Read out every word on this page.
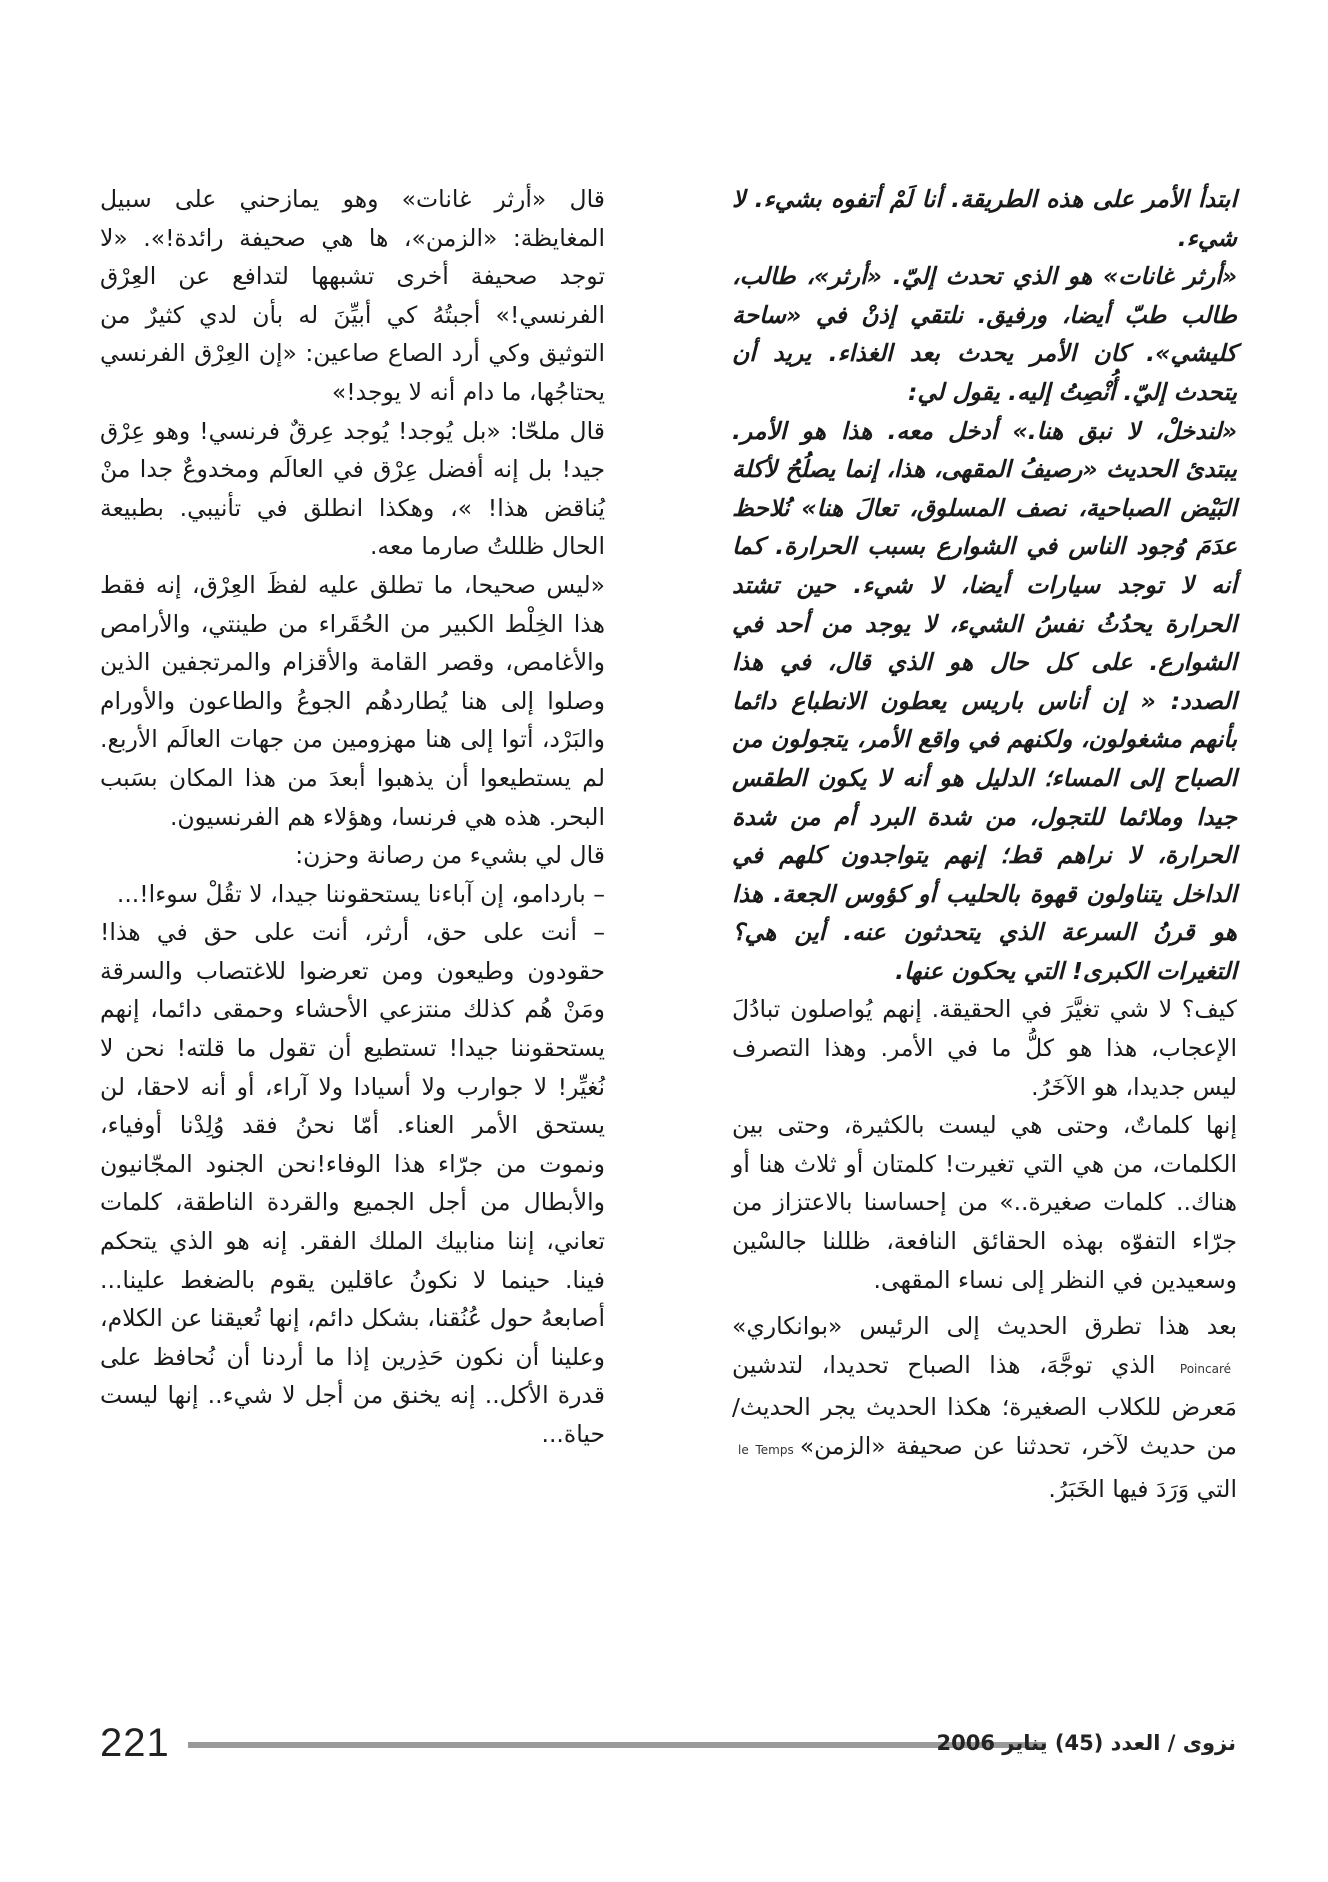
ابتدأ الأمر على هذه الطريقة. أنا لَمْ أتفوه بشيء. لا شيء.

«أرثر غانات» هو الذي تحدث إليّ. «أرثر»، طالب، طالب طبّ أيضا، ورفيق. نلتقي إذنْ في «ساحة كليشي». كان الأمر يحدث بعد الغذاء. يريد أن يتحدث إليّ. أُنْصِتُ إليه. يقول لي:

«لندخلْ، لا نبق هنا.» أدخل معه. هذا هو الأمر. يبتدئ الحديث «رصيفُ المقهى، هذا، إنما يصلُحُ لأكلة البَيْض الصباحية، نصف المسلوق، تعالَ هنا» نُلاحظ عدَمَ وُجود الناس في الشوارع بسبب الحرارة. كما أنه لا توجد سيارات أيضا، لا شيء. حين تشتد الحرارة يحدُثُ نفسُ الشيء، لا يوجد من أحد في الشوارع. على كل حال هو الذي قال، في هذا الصدد: « إن أناس باريس يعطون الانطباع دائما بأنهم مشغولون، ولكنهم في واقع الأمر، يتجولون من الصباح إلى المساء؛ الدليل هو أنه لا يكون الطقس جيدا وملائما للتجول، من شدة البرد أم من شدة الحرارة، لا نراهم قط؛ إنهم يتواجدون كلهم في الداخل يتناولون قهوة بالحليب أو كؤوس الجعة. هذا هو قرنُ السرعة الذي يتحدثون عنه. أين هي؟ التغيرات الكبرى! التي يحكون عنها.

كيف؟ لا شي تغيَّرَ في الحقيقة. إنهم يُواصلون تبادُلَ الإعجاب، هذا هو كلُّ ما في الأمر. وهذا التصرف ليس جديدا، هو الآخَرُ.

إنها كلماتٌ، وحتى هي ليست بالكثيرة، وحتى بين الكلمات، من هي التي تغيرت! كلمتان أو ثلاث هنا أو هناك.. كلمات صغيرة..» من إحساسنا بالاعتزاز من جرّاء التفوّه بهذه الحقائق النافعة، ظللنا جالسْين وسعيدين في النظر إلى نساء المقهى.

بعد هذا تطرق الحديث إلى الرئيس «بوانكاري» Poincaré الذي توجَّهَ، هذا الصباح تحديدا، لتدشين مَعرض للكلاب الصغيرة؛ هكذا الحديث يجر الحديث/من حديث لآخر، تحدثنا عن صحيفة «الزمن»le Temps التي وَرَدَ فيها الخَبَرُ.

قال «أرثر غانات» وهو يمازحني على سبيل المغايظة: «الزمن»، ها هي صحيفة رائدة!». «لا توجد صحيفة أخرى تشبهها لتدافع عن العِرْق الفرنسي!» أجبتُهُ كي أبيِّنَ له بأن لدي كثيرٌ من التوثيق وكي أرد الصاع صاعين: «إن العِرْق الفرنسي يحتاجُها، ما دام أنه لا يوجد!»

قال ملحّا: «بل يُوجد! يُوجد عِرقٌ فرنسي! وهو عِرْق جيد! بل إنه أفضل عِرْق في العالَم ومخدوعٌ جدا منْ يُناقض هذا! »، وهكذا انطلق في تأنيبي. بطبيعة الحال ظللتُ صارما معه.

«ليس صحيحا، ما تطلق عليه لفظَ العِرْق، إنه فقط هذا الخِلْط الكبير من الحُقَراء من طينتي، والأرامص والأغامص، وقصر القامة والأقزام والمرتجفين الذين وصلوا إلى هنا يُطاردهُم الجوعُ والطاعون والأورام والبَرْد، أتوا إلى هنا مهزومين من جهات العالَم الأربع. لم يستطيعوا أن يذهبوا أبعدَ من هذا المكان بسَبب البحر. هذه هي فرنسا، وهؤلاء هم الفرنسيون.

قال لي بشيء من رصانة وحزن:

– باردامو، إن آباءنا يستحقوننا جيدا، لا تقُلْ سوءا!...

– أنت على حق، أرثر، أنت على حق في هذا! حقودون وطيعون ومن تعرضوا للاغتصاب والسرقة ومَنْ هُم كذلك منتزعي الأحشاء وحمقى دائما، إنهم يستحقوننا جيدا! تستطيع أن تقول ما قلته! نحن لا نُغيِّر! لا جوارب ولا أسيادا ولا آراء، أو أنه لاحقا، لن يستحق الأمر العناء. أمّا نحنُ فقد وُلِدْنا أوفياء، ونموت من جرّاء هذا الوفاء!نحن الجنود المجّانيون والأبطال من أجل الجميع والقردة الناطقة، كلمات تعاني، إننا منابيك الملك الفقر. إنه هو الذي يتحكم فينا. حينما لا نكونُ عاقلين يقوم بالضغط علينا... أصابعهُ حول عُنُقنا، بشكل دائم، إنها تُعيقنا عن الكلام، وعلينا أن نكون حَذِرين إذا ما أردنا أن نُحافظ على قدرة الأكل.. إنه يخنق من أجل لا شيء.. إنها ليست حياة...

221	نزوى / العدد (45) يناير 2006
